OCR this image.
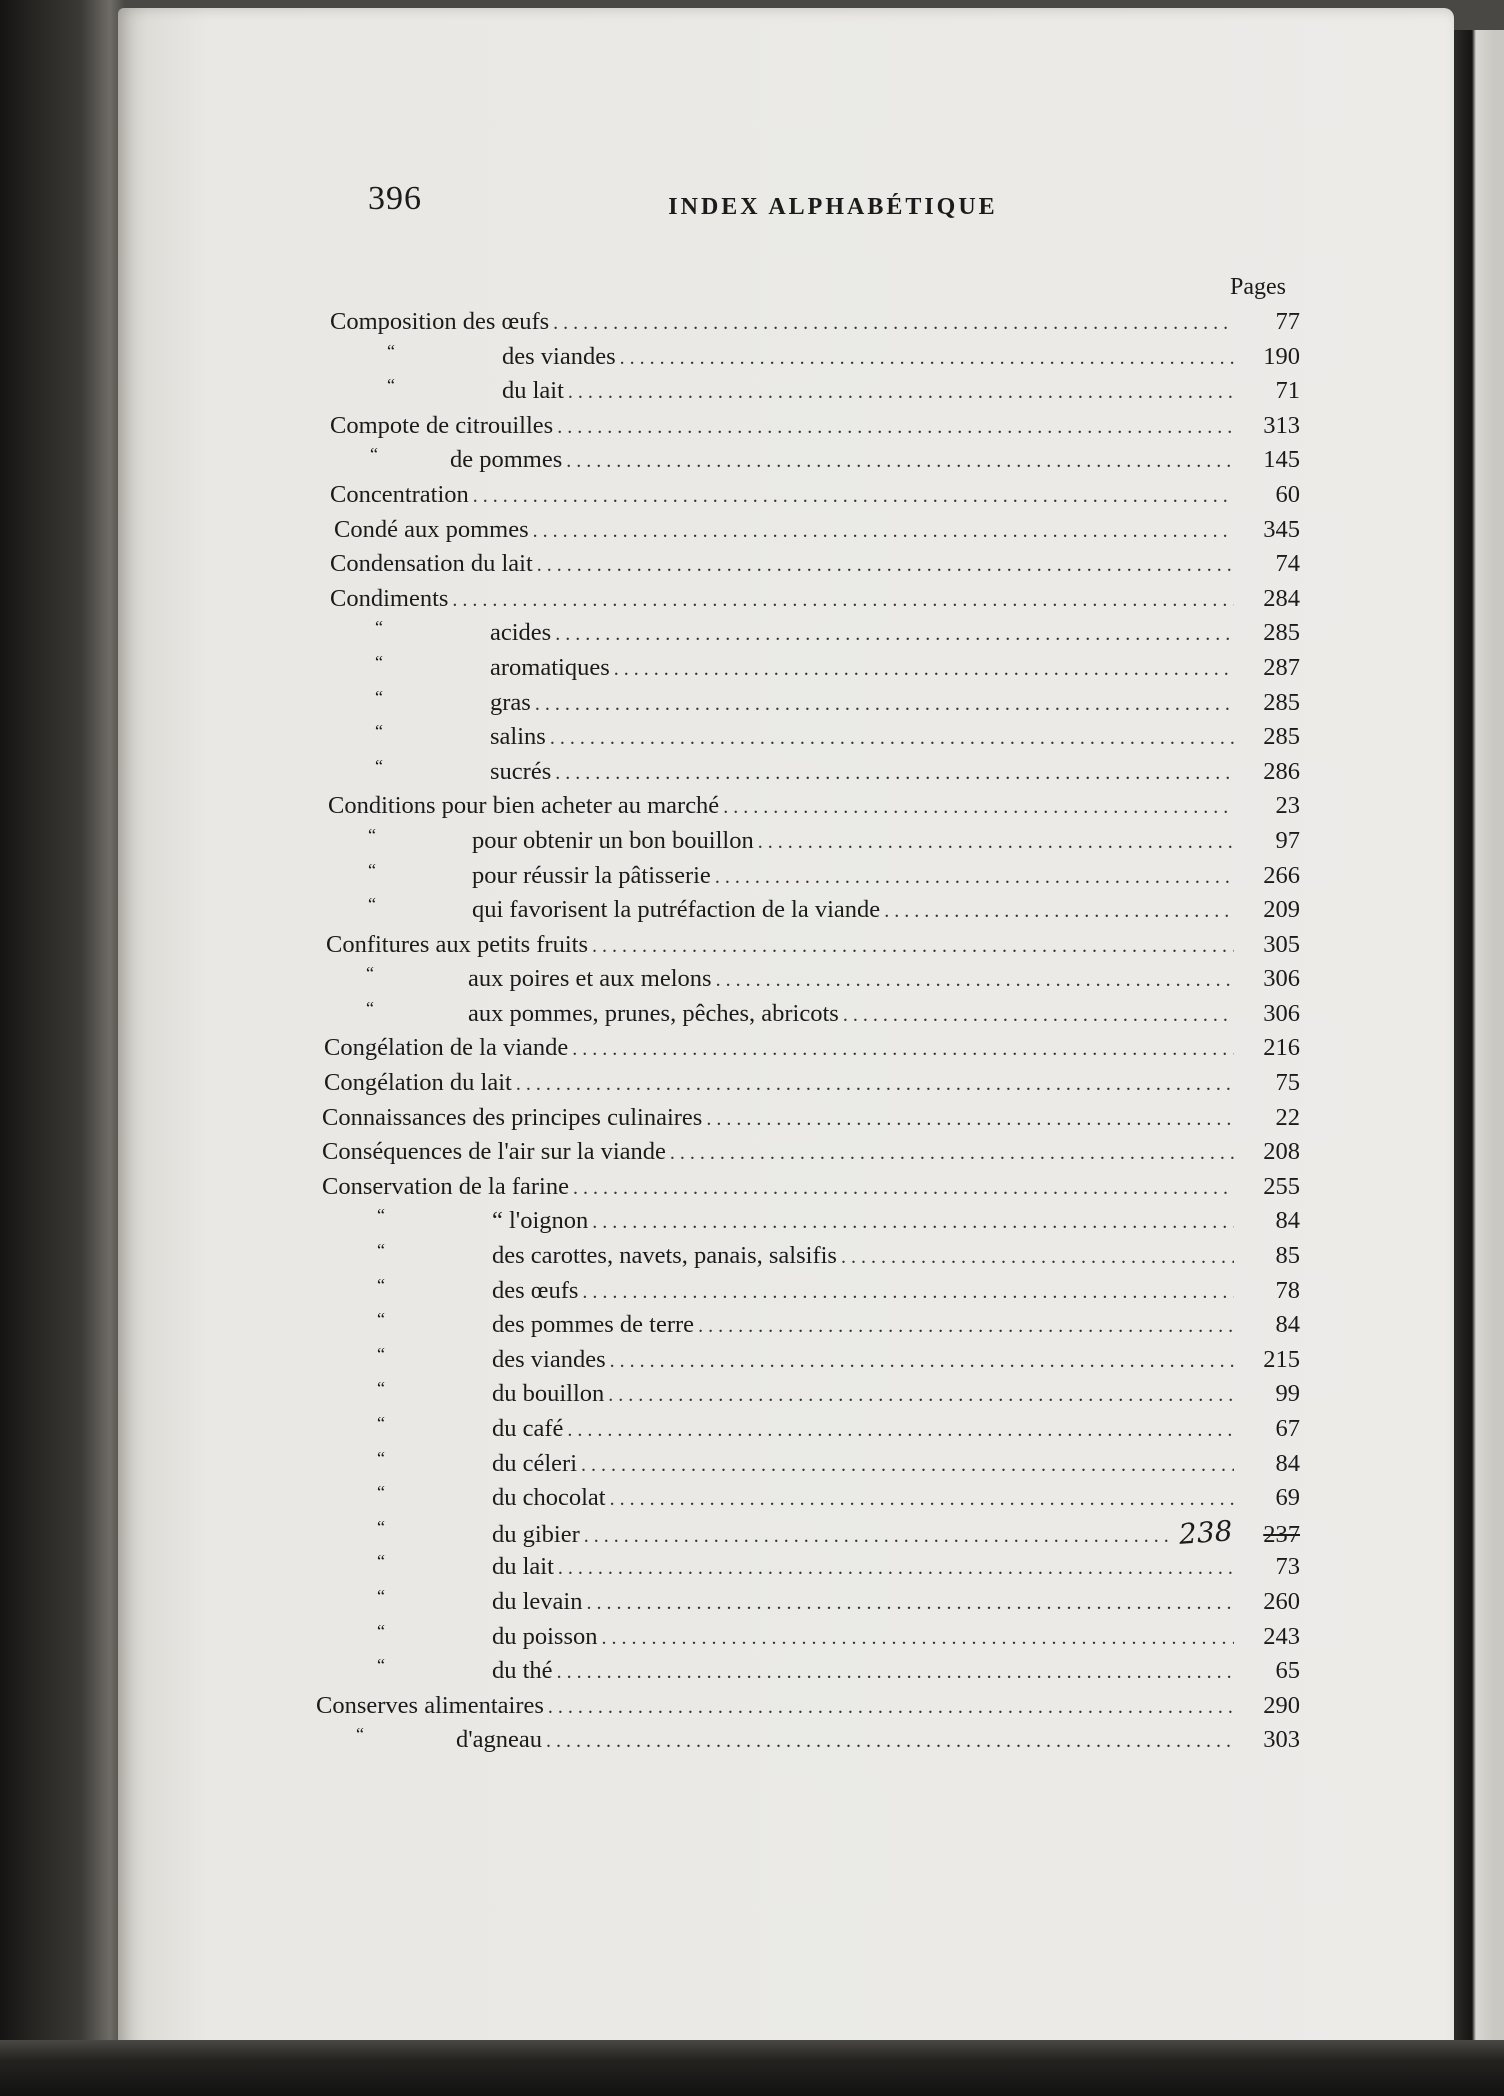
396	INDEX ALPHABÉTIQUE
Pages
Composition des œufs . . .	77
“	des viandes . . .	190
“	du lait . . .	71
Compote de citrouilles . . .	313
“	de pommes . . .	145
Concentration . . .	60
Condé aux pommes . . .	345
Condensation du lait . . .	74
Condiments . . .	284
“	acides . . .	285
“	aromatiques . . .	287
“	gras . . .	285
“	salins . . .	285
“	sucrés . . .	286
Conditions pour bien acheter au marché . . .	23
“	pour obtenir un bon bouillon . . .	97
“	pour réussir la pâtisserie . . .	266
“	qui favorisent la putréfaction de la viande . . .	209
Confitures aux petits fruits . . .	305
“	aux poires et aux melons . . .	306
“	aux pommes, prunes, pêches, abricots . . .	306
Congélation de la viande . . .	216
Congélation du lait . . .	75
Connaissances des principes culinaires . . .	22
Conséquences de l'air sur la viande . . .	208
Conservation de la farine . . .	255
“	“ l'oignon . . .	84
“	des carottes, navets, panais, salsifis . . .	85
“	des œufs . . .	78
“	des pommes de terre . . .	84
“	des viandes . . .	215
“	du bouillon . . .	99
“	du café . . .	67
“	du céleri . . .	84
“	du chocolat . . .	69
“	du gibier . . .	238	237
“	du lait . . .	73
“	du levain . . .	260
“	du poisson . . .	243
“	du thé . . .	65
Conserves alimentaires . . .	290
“	d'agneau . . .	303
